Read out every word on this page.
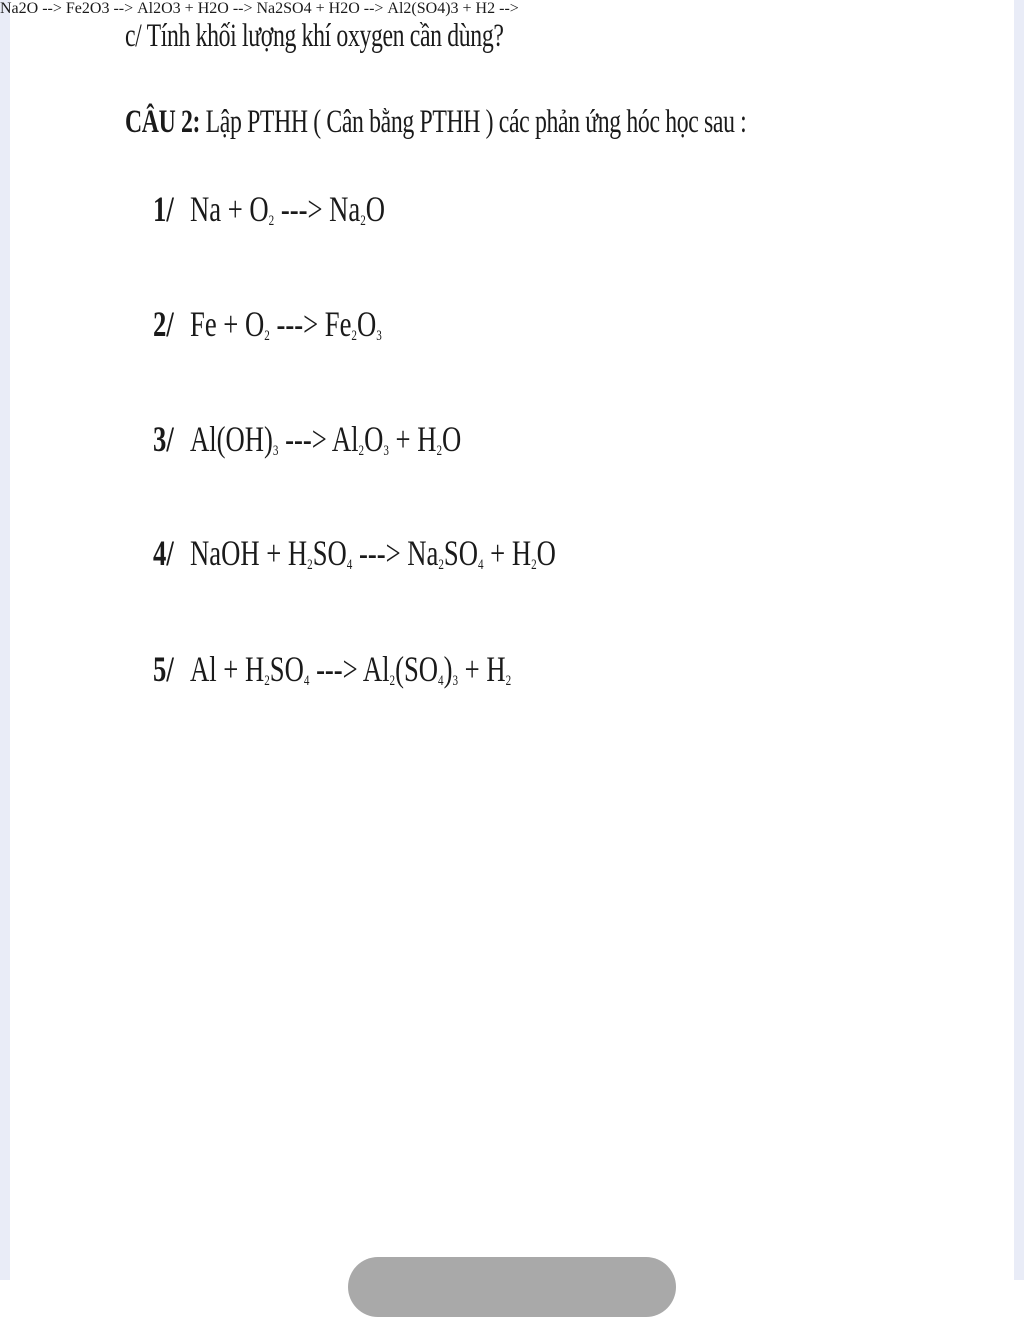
c/ Tính khối lượng khí oxygen cần dùng?
CÂU 2: Lập PTHH ( Cân bằng PTHH ) các phản ứng hóc học sau :
Na2O -->
1/ $Na + O_2$ ---> $Na_2O$
Fe2O3 -->
2/ $Fe + O_2$ ---> $Fe_2O_3$
Al2O3 + H2O -->
3/ $Al(OH)_3$ ---> $Al_2O_3 + H_2O$
Na2SO4 + H2O -->
4/ NaOH + $H_2SO_4$ ---> $Na_2SO_4 + H_2O$
Al2(SO4)3 + H2 -->
5/ $Al + H_2SO_4$ ---> $Al_2(SO_4)_3 + H_2$
